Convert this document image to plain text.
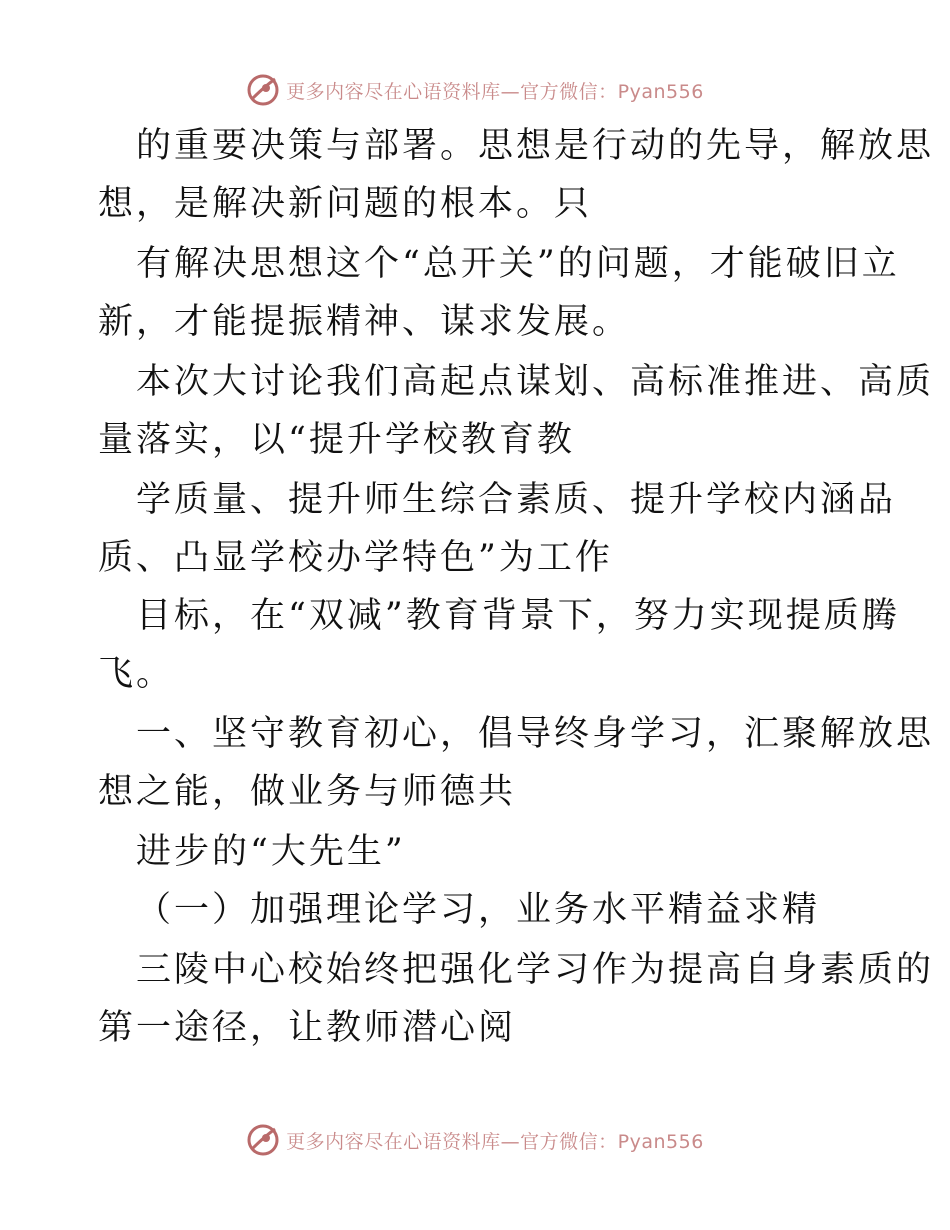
更多内容尽在心语资料库—官方微信：Pyan556
的重要决策与部署。思想是行动的先导，解放思
想，是解决新问题的根本。只
有解决思想这个“总开关”的问题，才能破旧立
新，才能提振精神、谋求发展。
本次大讨论我们高起点谋划、高标准推进、高质
量落实，以“提升学校教育教
学质量、提升师生综合素质、提升学校内涵品
质、凸显学校办学特色”为工作
目标，在“双减”教育背景下，努力实现提质腾
飞。
一、坚守教育初心，倡导终身学习，汇聚解放思
想之能，做业务与师德共
进步的“大先生”
（一）加强理论学习，业务水平精益求精
三陵中心校始终把强化学习作为提高自身素质的
第一途径，让教师潜心阅
更多内容尽在心语资料库—官方微信：Pyan556
